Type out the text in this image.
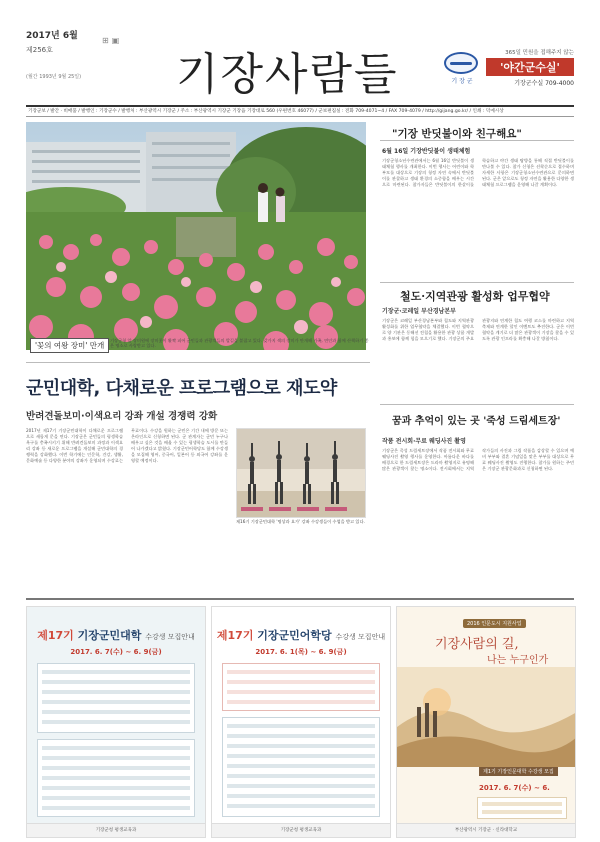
2017년 6월
제256호
(월간 1993년 9월 25일)
⊞ ▣
기장사람들	기 장 군
365일 민원을 접해주지 않는
'야간군수실'
기장군수실 709-4000
기장군보 / 발간 · 비매품 / 발행인 : 기장군수 / 발행처 : 부산광역시 기장군 / 주소 : 부산광역시 기장군 기장읍 기장대로 560 (우편번호 46077) / 군보편집실 : 전화 709-4071~4 / FAX 709-4079 / http://gijang.go.kr/ / 인쇄 : 덕예시상
'꽃의 여왕 장미' 만개
기장군청 앞 장미원에 장미꽃이 활짝 피어 군민들과 관광객들의 발길을 붙잡고 있다. 갖가지 색의 장미가 만개해 가족, 연인과 함께 산책하기 좋은 명소로 사랑받고 있다.
"기장 반딧불이와 친구해요"
6월 16일 기장반딧불이 생태체험
기장군청소년수련관에서는 6월 16일 반딧불이 생태체험 행사를 개최한다. 이번 행사는 어린이와 학부모를 대상으로 기장의 청정 자연 속에서 반딧불이를 관찰하고 생태 환경의 소중함을 배우는 시간으로 마련된다. 참가자들은 반딧불이의 한살이를 학습하고 야간 생태 탐방을 통해 직접 반딧불이를 만나볼 수 있다. 참가 신청은 선착순으로 접수하며 자세한 사항은 기장군청소년수련관으로 문의하면 된다. 군은 앞으로도 청정 자연을 활용한 다양한 생태체험 프로그램을 운영해 나갈 계획이다.
철도·지역관광 활성화 업무협약
기장군·코레일 부산경남본부
기장군은 코레일 부산경남본부와 철도와 지역관광 활성화를 위한 업무협약을 체결했다. 이번 협약으로 양 기관은 동해선 전철을 활용한 관광 상품 개발과 홍보에 함께 힘을 모으기로 했다. 기장군의 주요 관광지와 연계한 철도 여행 코스를 마련하고 지역 축제와 연계한 할인 이벤트도 추진한다. 군은 이번 협약을 계기로 더 많은 관광객이 기장을 찾을 수 있도록 관광 인프라를 확충해 나갈 방침이다.
꿈과 추억이 있는 곳 '죽성 드림세트장'
작품 전시회·무료 웨딩사진 촬영
기장군은 죽성 드림세트장에서 작품 전시회와 무료 웨딩사진 촬영 행사를 운영한다. 아름다운 바다를 배경으로 한 드림세트장은 드라마 촬영지로 유명해 많은 관광객이 찾는 명소이다. 전시회에서는 지역 작가들의 사진과 그림 작품을 감상할 수 있으며 예비 부부와 결혼 기념일을 맞은 부부를 대상으로 무료 웨딩사진 촬영도 진행한다. 참가를 원하는 주민은 기장군 관광문화과로 신청하면 된다.
군민대학, 다채로운 프로그램으로 재도약
반려견돌보미·이색요리 강좌 개설 경쟁력 강화
2017년 제17기 기장군민대학이 다채로운 프로그램으로 새롭게 문을 연다. 기장군은 군민들의 평생학습 욕구를 충족시키기 위해 반려견돌보미 과정과 이색요리 강좌 등 새로운 프로그램을 개설해 군민대학의 경쟁력을 강화했다. 이번 학기에는 인문학, 건강, 생활, 문화예술 등 다양한 분야의 강좌가 운영되며 수강료는 무료이다. 수강을 원하는 군민은 기간 내에 방문 또는 온라인으로 신청하면 된다. 군 관계자는 군민 누구나 배우고 싶은 것을 배울 수 있는 평생학습 도시를 만들어 나가겠다고 밝혔다. 기장군민어학당도 함께 수강생을 모집해 영어, 중국어, 일본어 등 외국어 강좌를 운영할 예정이다.
제16기 기장군민대학 '명상과 요가' 강좌 수강생들이 수업을 받고 있다.
제17기 기장군민대학 수강생 모집안내
2017. 6. 7(수) ~ 6. 9(금)
기장군청 평생교육과
제17기 기장군민어학당 수강생 모집안내
2017. 6. 1(목) ~ 6. 9(금)
기장군청 평생교육과
2016 인문도시 지원사업
기장사람의 길,
나는 누구인가
제1기 기장인문대학 수강생 모집
2017. 6. 7(수) ~ 6.
부산광역시 기장군 · 신라대학교
